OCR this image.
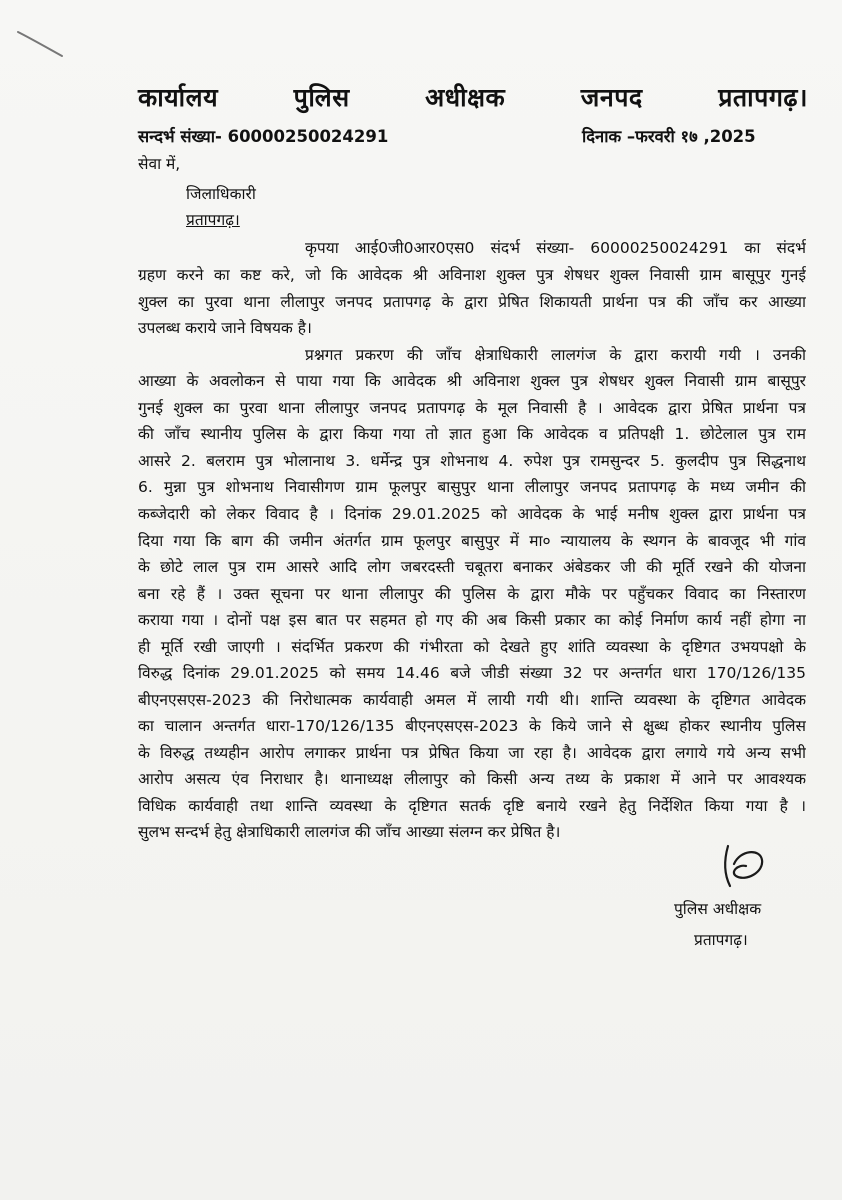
कार्यालय	पुलिस	अधीक्षक	जनपद	प्रतापगढ़।
सन्दर्भ संख्या- 60000250024291	दिनाक –फरवरी १७ ,2025
सेवा में,
जिलाधिकारी
प्रतापगढ़।
कृपया आई0जी0आर0एस0 संदर्भ संख्या- 60000250024291 का संदर्भ
ग्रहण करने का कष्ट करे, जो कि आवेदक श्री अविनाश शुक्ल पुत्र शेषधर शुक्ल निवासी ग्राम बासूपुर गुनई
शुक्ल का पुरवा थाना लीलापुर जनपद प्रतापगढ़ के द्वारा प्रेषित शिकायती प्रार्थना पत्र की जाँच कर आख्या
उपलब्ध कराये जाने विषयक है।
प्रश्नगत प्रकरण की जाँच क्षेत्राधिकारी लालगंज के द्वारा करायी गयी । उनकी
आख्या के अवलोकन से पाया गया कि आवेदक श्री अविनाश शुक्ल पुत्र शेषधर शुक्ल निवासी ग्राम बासूपुर
गुनई शुक्ल का पुरवा थाना लीलापुर जनपद प्रतापगढ़ के मूल निवासी है । आवेदक द्वारा प्रेषित प्रार्थना पत्र
की जाँच स्थानीय पुलिस के द्वारा किया गया तो ज्ञात हुआ कि आवेदक व प्रतिपक्षी 1. छोटेलाल पुत्र राम
आसरे 2. बलराम पुत्र भोलानाथ 3. धर्मेन्द्र पुत्र शोभनाथ 4. रुपेश पुत्र रामसुन्दर 5. कुलदीप पुत्र सिद्धनाथ
6. मुन्ना पुत्र शोभनाथ निवासीगण ग्राम फूलपुर बासुपुर थाना लीलापुर जनपद प्रतापगढ़ के मध्य जमीन की
कब्जेदारी को लेकर विवाद है । दिनांक 29.01.2025 को आवेदक के भाई मनीष शुक्ल द्वारा प्रार्थना पत्र
दिया गया कि बाग की जमीन अंतर्गत ग्राम फूलपुर बासुपुर में मा० न्यायालय के स्थगन के बावजूद भी गांव
के छोटे लाल पुत्र राम आसरे आदि लोग जबरदस्ती चबूतरा बनाकर अंबेडकर जी की मूर्ति रखने की योजना
बना रहे हैं । उक्त सूचना पर थाना लीलापुर की पुलिस के द्वारा मौके पर पहुँचकर विवाद का निस्तारण
कराया गया । दोनों पक्ष इस बात पर सहमत हो गए की अब किसी प्रकार का कोई निर्माण कार्य नहीं होगा ना
ही मूर्ति रखी जाएगी । संदर्भित प्रकरण की गंभीरता को देखते हुए शांति व्यवस्था के दृष्टिगत उभयपक्षो के
विरुद्ध दिनांक 29.01.2025 को समय 14.46 बजे जीडी संख्या 32 पर अन्तर्गत धारा 170/126/135
बीएनएसएस-2023 की निरोधात्मक कार्यवाही अमल में लायी गयी थी। शान्ति व्यवस्था के दृष्टिगत आवेदक
का चालान अन्तर्गत धारा-170/126/135 बीएनएसएस-2023 के किये जाने से क्षुब्ध होकर स्थानीय पुलिस
के विरुद्ध तथ्यहीन आरोप लगाकर प्रार्थना पत्र प्रेषित किया जा रहा है। आवेदक द्वारा लगाये गये अन्य सभी
आरोप असत्य एंव निराधार है। थानाध्यक्ष लीलापुर को किसी अन्य तथ्य के प्रकाश में आने पर आवश्यक
विधिक कार्यवाही तथा शान्ति व्यवस्था के दृष्टिगत सतर्क दृष्टि बनाये रखने हेतु निर्देशित किया गया है ।
सुलभ सन्दर्भ हेतु क्षेत्राधिकारी लालगंज की जाँच आख्या संलग्न कर प्रेषित है।
पुलिस अधीक्षक
प्रतापगढ़।
